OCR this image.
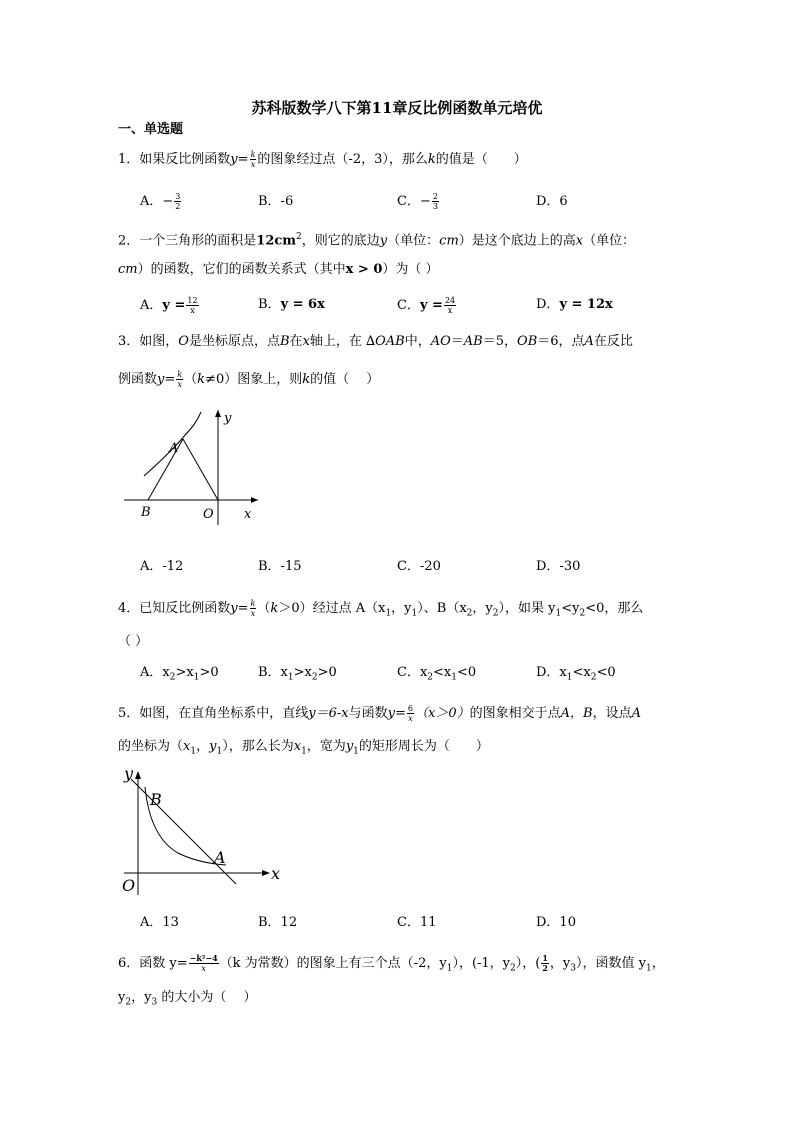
苏科版数学八下第11章反比例函数单元培优
一、单选题
1．如果反比例函数$y= \frac{k}{x}$ 的图象经过点（-2，3），那么k的值是（　　）
A．− $\frac{3}{2}$	B．-6	C．− $\frac{2}{3}$	D．6
2．一个三角形的面积是$12cm^2$，则它的底边y（单位：cm）是这个底边上的高x（单位：
cm）的函数，它们的函数关系式（其中x > 0）为（ ）
A．$y = \frac{12}{x}$	B．y = 6x	C．$y = \frac{24}{x}$	D．y = 12x
3．如图，O是坐标原点，点B在x轴上，在 ∆OAB中，AO＝AB＝5，OB＝6，点A在反比
例函数$y= \frac{k}{x} (k\ne 0)$图象上，则k的值（　 ）
A
B	O x
y
A．-12	B．-15	C．-20	D．-30
4．已知反比例函数$y= \frac{k}{x} (k>0)$经过点 $A(x_1$，$y_1$）、$B(x_2$，$y_2$），如果 $y_1<y_2<0$，那么
（ ）
A．$x_2>x_1>0$	B．$x_1>x_2>0$	C．$x_2<x_1<0$	D．$x_1<x_2<0$
5．如图，在直角坐标系中，直线y＝6-x与函数$y= \frac{6}{x} (x>0)$的图象相交于点A，B，设点A
的坐标为（$x_1$，$y_1$），那么长为$x_1$，宽为$y_1$的矩形周长为（　　）
B
A
O
x
y
A．13	B．12	C．11	D．10
6．函数 $y= \frac{\text{−k²−4}}{x} (k$ 为常数）的图象上有三个点（-2，$y_1$），(-1，$y_2$），( $\frac{1}{2}$ ，$y_3$），函数值 $y_1$，
$y_2$，$y_3$ 的大小为（　 ）
